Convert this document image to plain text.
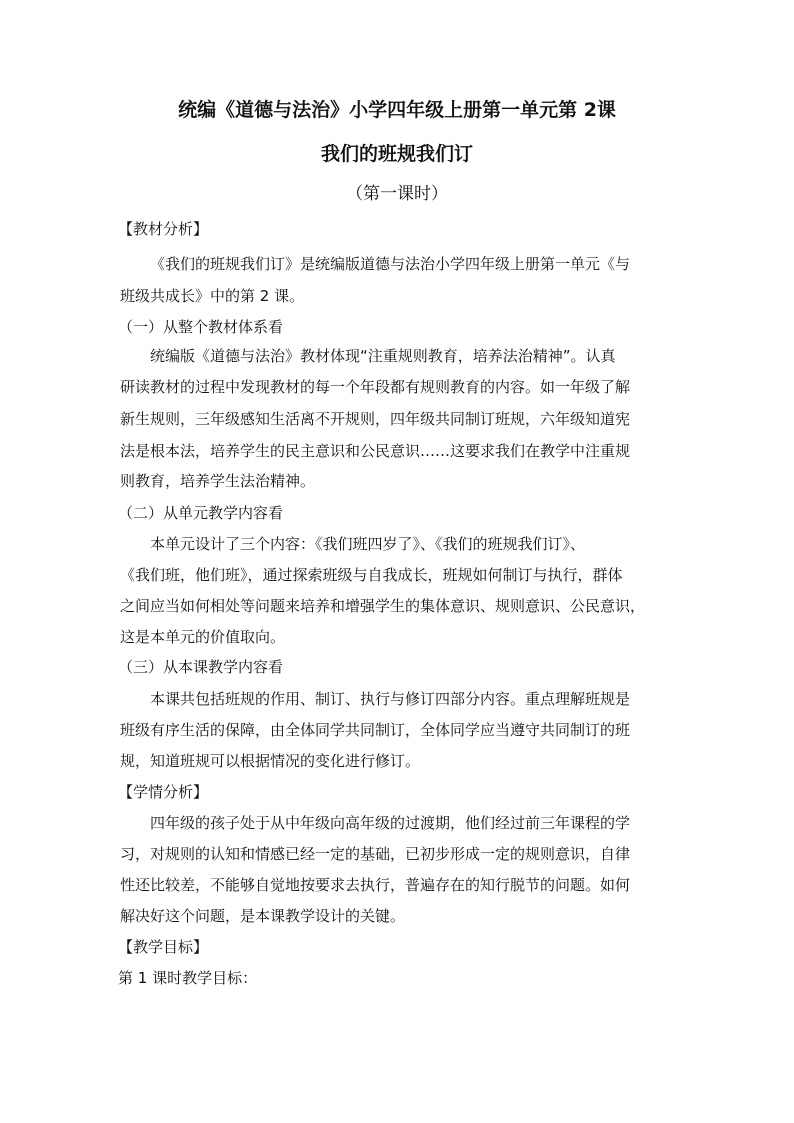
统编《道德与法治》小学四年级上册第一单元第 2课
我们的班规我们订
（第一课时）
【教材分析】
《我们的班规我们订》是统编版道德与法治小学四年级上册第一单元《与
班级共成长》中的第 2 课。
（一）从整个教材体系看
统编版《道德与法治》教材体现“注重规则教育，培养法治精神”。认真
研读教材的过程中发现教材的每一个年段都有规则教育的内容。如一年级了解
新生规则，三年级感知生活离不开规则，四年级共同制订班规，六年级知道宪
法是根本法，培养学生的民主意识和公民意识……这要求我们在教学中注重规
则教育，培养学生法治精神。
（二）从单元教学内容看
本单元设计了三个内容：《我们班四岁了》、《我们的班规我们订》、
《我们班，他们班》，通过探索班级与自我成长，班规如何制订与执行，群体
之间应当如何相处等问题来培养和增强学生的集体意识、规则意识、公民意识，
这是本单元的价值取向。
（三）从本课教学内容看
本课共包括班规的作用、制订、执行与修订四部分内容。重点理解班规是
班级有序生活的保障，由全体同学共同制订，全体同学应当遵守共同制订的班
规，知道班规可以根据情况的变化进行修订。
【学情分析】
四年级的孩子处于从中年级向高年级的过渡期，他们经过前三年课程的学
习，对规则的认知和情感已经一定的基础，已初步形成一定的规则意识，自律
性还比较差，不能够自觉地按要求去执行，普遍存在的知行脱节的问题。如何
解决好这个问题，是本课教学设计的关键。
【教学目标】
第 1 课时教学目标：
